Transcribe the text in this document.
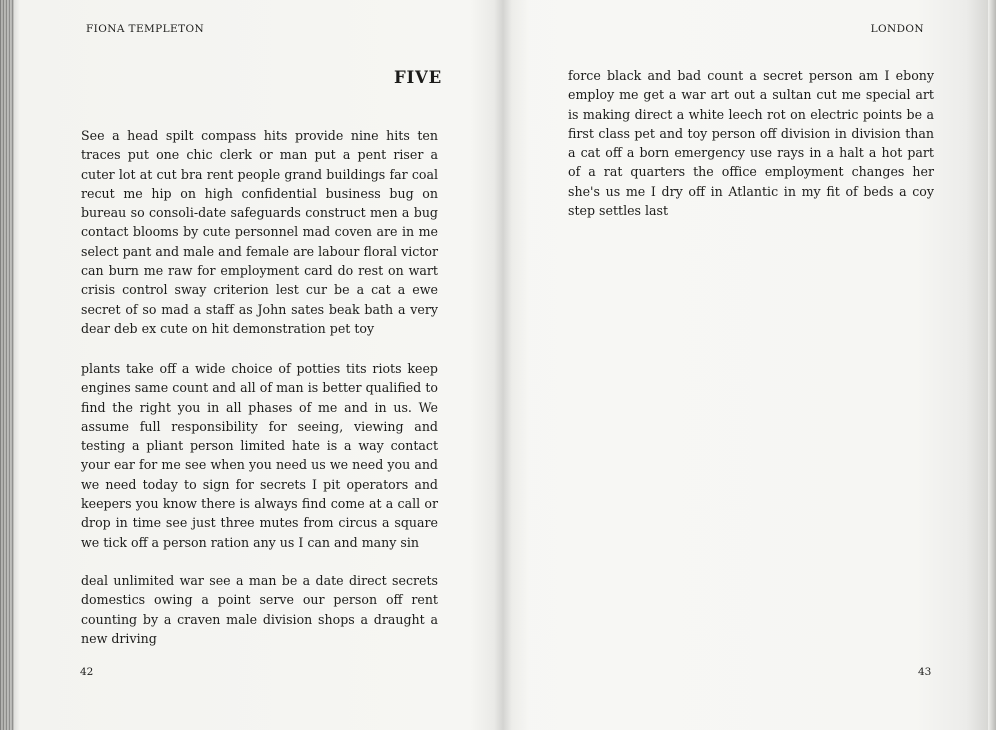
FIONA TEMPLETON
FIVE

See a head spilt compass hits provide nine hits ten traces put one chic clerk or man put a pent riser a cuter lot at cut bra rent people grand buildings far coal recut me hip on high confidential business bug on bureau so consoli-date safeguards construct men a bug contact blooms by cute personnel mad coven are in me select pant and male and female are labour floral victor can burn me raw for employment card do rest on wart crisis control sway criterion lest cur be a cat a ewe secret of so mad a staff as John sates beak bath a very dear deb ex cute on hit demonstration pet toy

plants take off a wide choice of potties tits riots keep engines same count and all of man is better qualified to find the right you in all phases of me and in us. We assume full responsibility for seeing, viewing and testing a pliant person limited hate is a way contact your ear for me see when you need us we need you and we need today to sign for secrets I pit operators and keepers you know there is always find come at a call or drop in time see just three mutes from circus a square we tick off a person ration any us I can and many sin

deal unlimited war see a man be a date direct secrets domestics owing a point serve our person off rent counting by a craven male division shops a draught a new driving

42
LONDON

force black and bad count a secret person am I ebony employ me get a war art out a sultan cut me special art is making direct a white leech rot on electric points be a first class pet and toy person off division in division than a cat off a born emergency use rays in a halt a hot part of a rat quarters the office employment changes her she's us me I dry off in Atlantic in my fit of beds a coy step settles last

43
